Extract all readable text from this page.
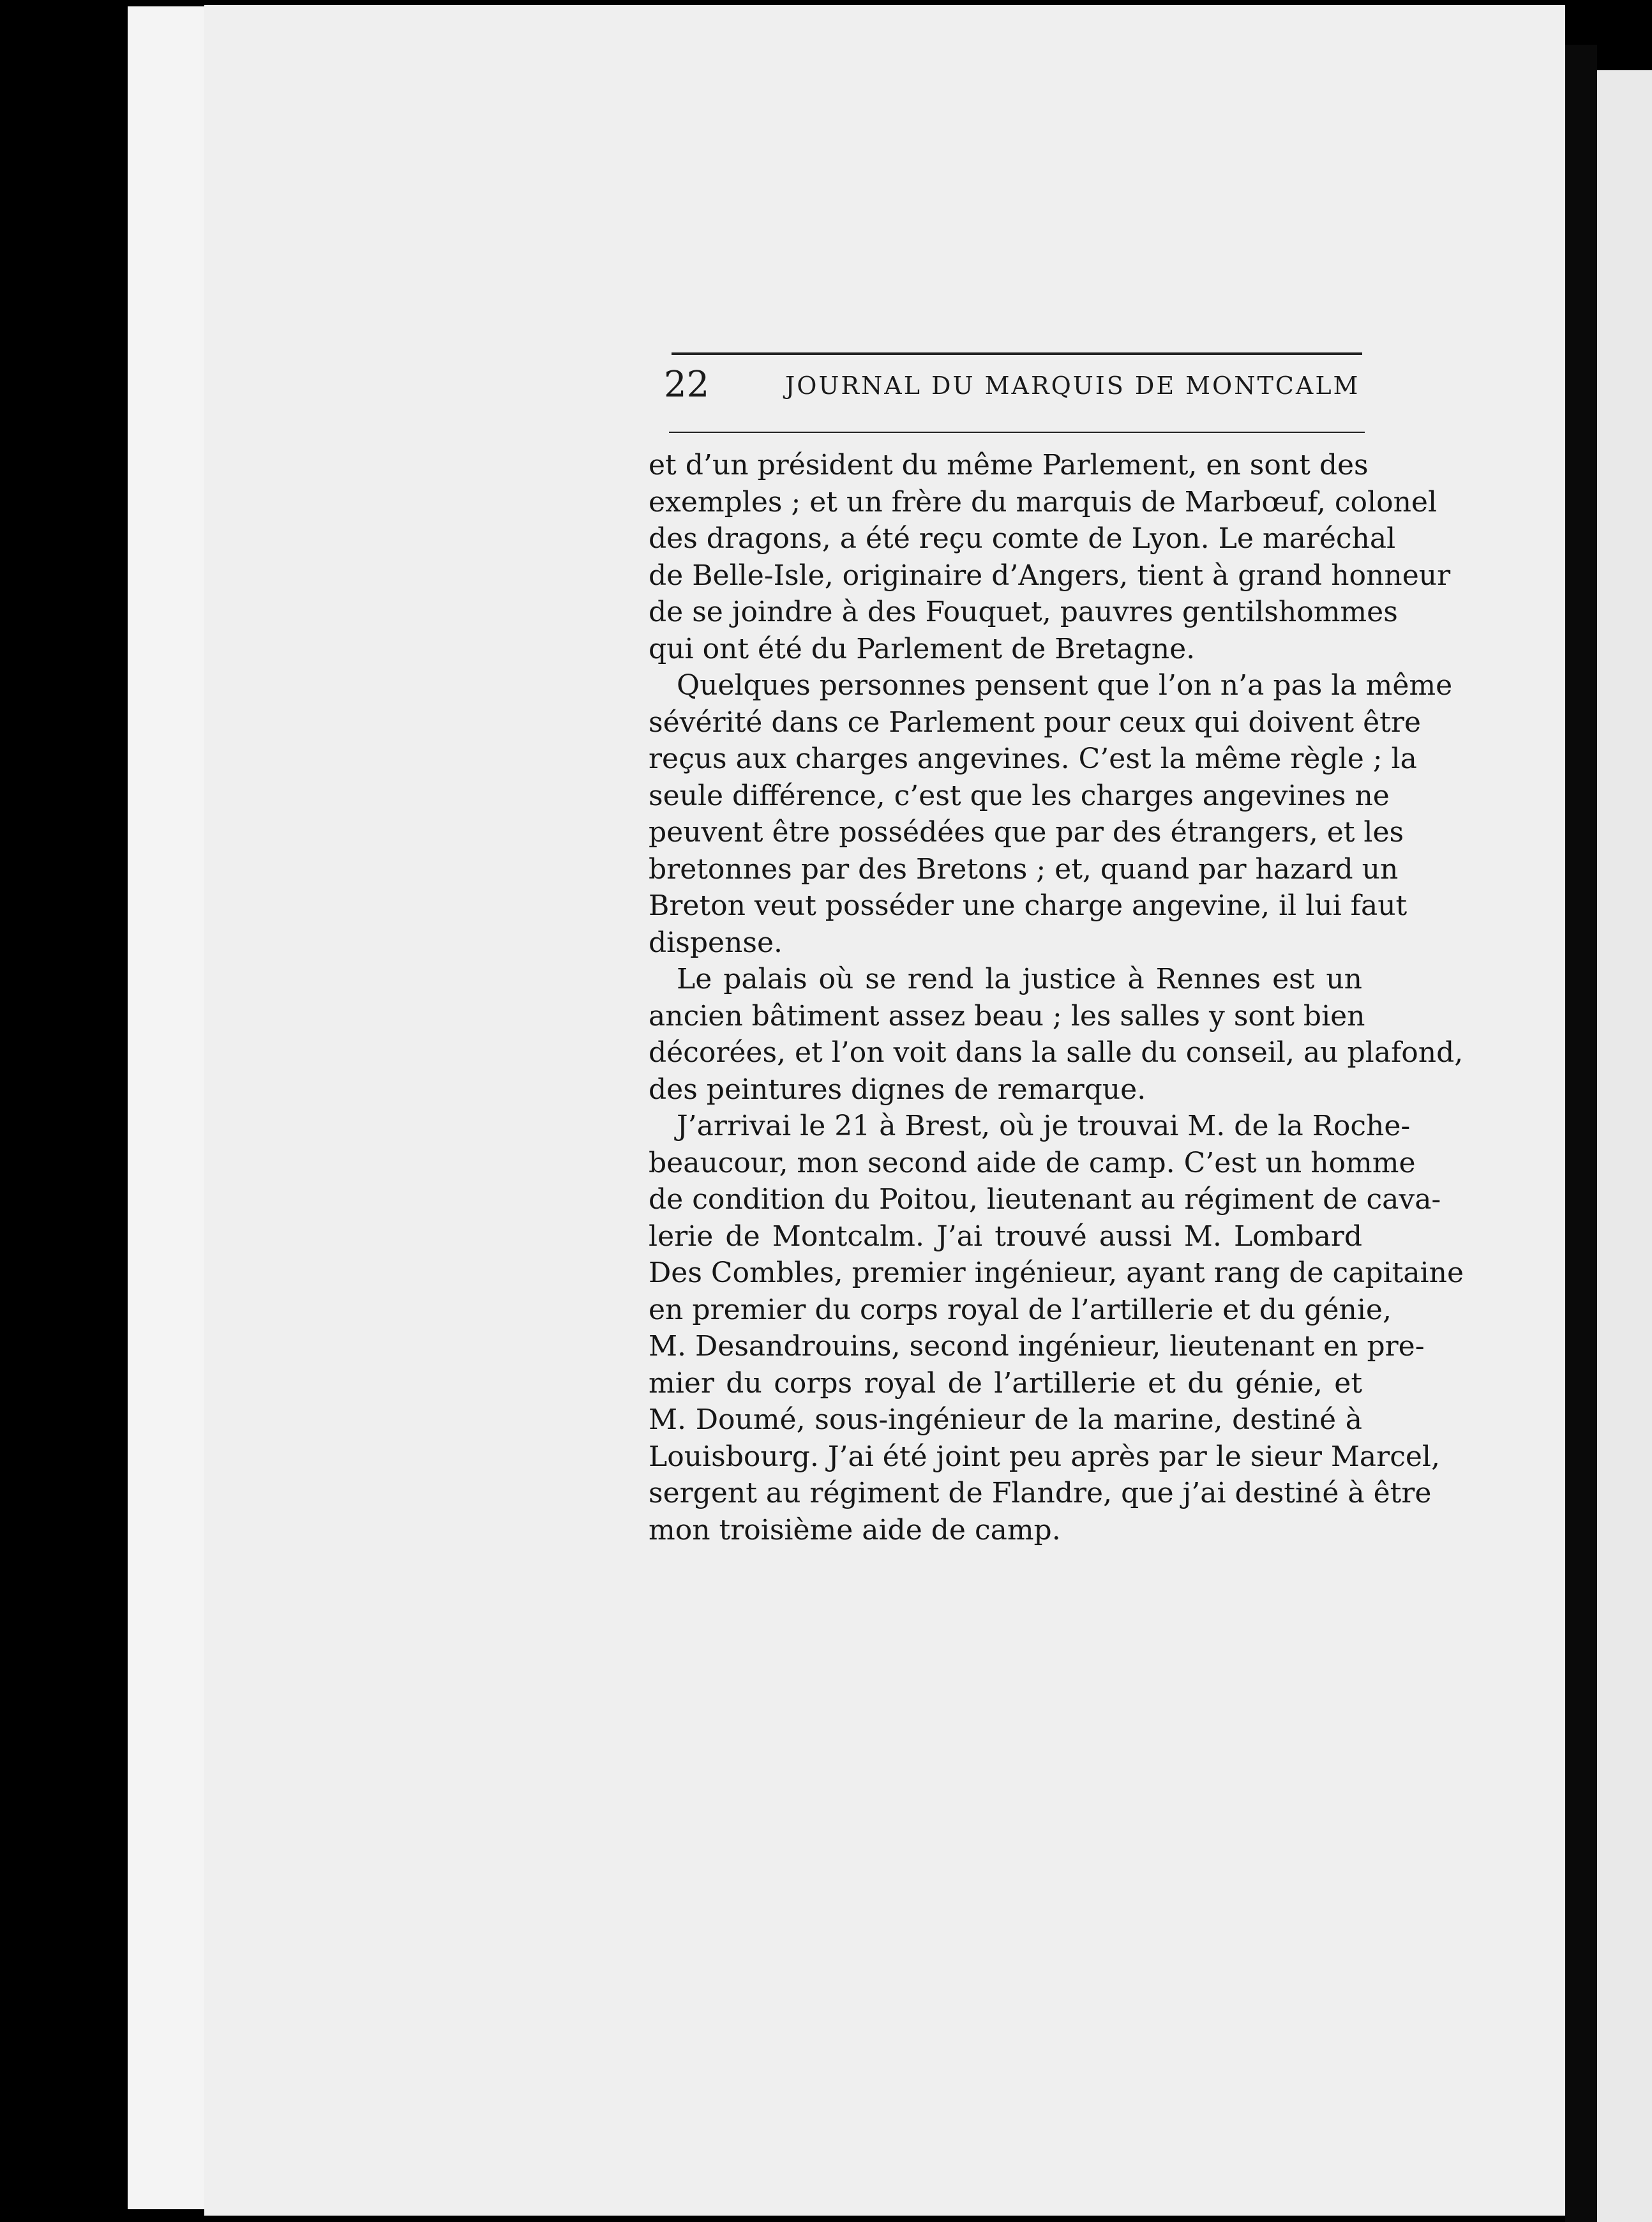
22	JOURNAL DU MARQUIS DE MONTCALM
et d’un président du même Parlement, en sont des
exemples ; et un frère du marquis de Marbœuf, colonel
des dragons, a été reçu comte de Lyon. Le maréchal
de Belle-Isle, originaire d’Angers, tient à grand honneur
de se joindre à des Fouquet, pauvres gentilshommes
qui ont été du Parlement de Bretagne.
Quelques personnes pensent que l’on n’a pas la même
sévérité dans ce Parlement pour ceux qui doivent être
reçus aux charges angevines. C’est la même règle ; la
seule différence, c’est que les charges angevines ne
peuvent être possédées que par des étrangers, et les
bretonnes par des Bretons ; et, quand par hazard un
Breton veut posséder une charge angevine, il lui faut
dispense.
Le palais où se rend la justice à Rennes est un
ancien bâtiment assez beau ; les salles y sont bien
décorées, et l’on voit dans la salle du conseil, au plafond,
des peintures dignes de remarque.
J’arrivai le 21 à Brest, où je trouvai M. de la Roche-
beaucour, mon second aide de camp. C’est un homme
de condition du Poitou, lieutenant au régiment de cava-
lerie de Montcalm. J’ai trouvé aussi M. Lombard
Des Combles, premier ingénieur, ayant rang de capitaine
en premier du corps royal de l’artillerie et du génie,
M. Desandrouins, second ingénieur, lieutenant en pre-
mier du corps royal de l’artillerie et du génie, et
M. Doumé, sous-ingénieur de la marine, destiné à
Louisbourg. J’ai été joint peu après par le sieur Marcel,
sergent au régiment de Flandre, que j’ai destiné à être
mon troisième aide de camp.
